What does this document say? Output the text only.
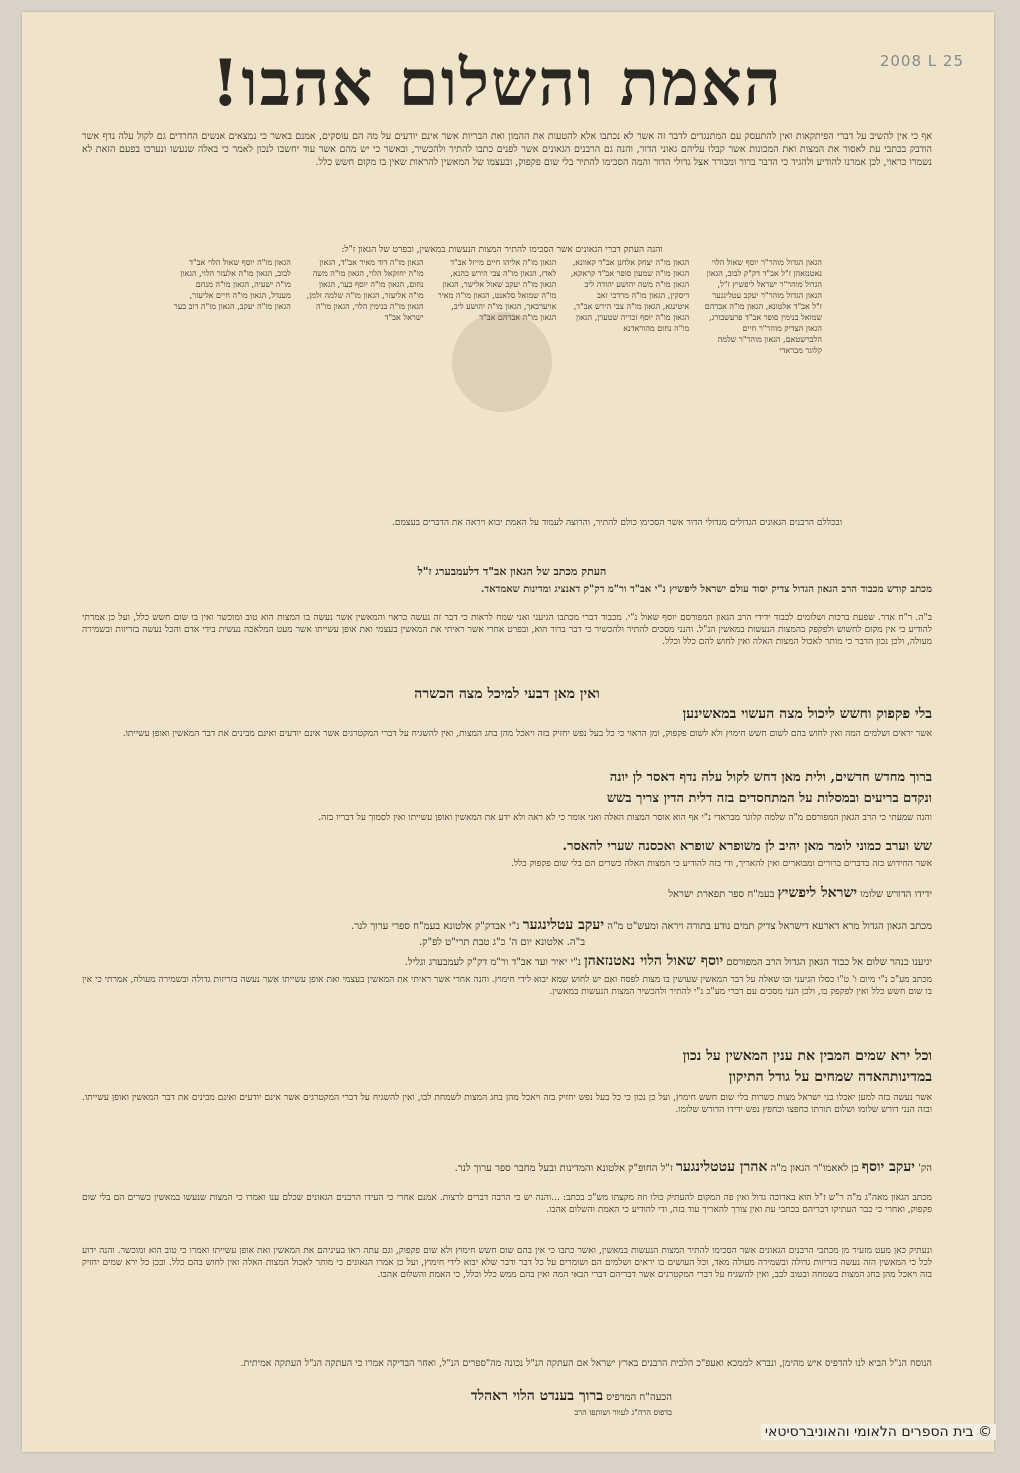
2008 L 25
האמת והשלום אהבו!
אף כי אין להשיב על דברי הפיתקאות ואין להתעסק עם המתנגדים לדבר זה אשר לא נכתבו אלא להטעות את ההמון ואת הבריות אשר אינם יודעים על מה הם עוסקים, אמנם באשר כי נמצאים אנשים החרדים גם לקול עלה נדף אשר הודבק בכתבי עת לאסור את המצות ואת המכונות אשר קבלו עליהם גאוני הדור, והנה גם הרבנים הגאונים אשר לפנים כתבו להתיר ולהכשיר, ובאשר כי יש מהם אשר עוד יחשבו לנכון לאמר כי באלה שנעשו ונערכו בפעם הזאת לא נשמרו כראוי, לכן אמרנו להודיע ולהגיד כי הדבר ברור ומבורר אצל גדולי הדור והמה הסכימו להתיר בלי שום פקפוק, ובעצמו של המאשין להראות שאין בו מקום חשש כלל.
והנה העתק דברי הגאונים אשר הסכימו להתיר המצות הנעשות במאשין, ובפרט של הגאון ז"ל:
הגאון הגדול מוהר"ר יוסף שאול הלוי נאטנזאהן ז"ל אב"ד דק"ק לבוב, הגאון הגדול מוהר"ר ישראל ליפשיץ ז"ל, הגאון הגדול מוהר"ר יעקב עטלינגער ז"ל אב"ד אלטונא, הגאון מו"ה אברהם שמואל בנימין סופר אב"ד פרעשבורג, הגאון הצדיק מוהר"ר חיים הלברשטאם, הגאון מוהר"ר שלמה קלוגר מבראדי
הגאון מו"ה יצחק אלחנן אב"ד קאוונא, הגאון מו"ה שמעון סופר אב"ד קראקא, הגאון מו"ה משה יהושע יהודה ליב דיסקין, הגאון מו"ה מרדכי זאב איטינגא, הגאון מו"ה צבי הירש אב"ד, הגאון מו"ה יוסף זכריה שטערן, הגאון מו"ה נחום מהוראדנא
הגאון מו"ה אליהו חיים מייזל אב"ד לאדז, הגאון מו"ה צבי הירש כהנא, הגאון מו"ה יעקב שאול אלישר, הגאון מו"ה שמואל סלאנט, הגאון מו"ה מאיר אויערבאך, הגאון מו"ה יהושע ליב, הגאון מו"ה אברהם אב"ד
הגאון מו"ה דוד מאיר אב"ד, הגאון מו"ה יחזקאל הלוי, הגאון מו"ה משה נחום, הגאון מו"ה יוסף בער, הגאון מו"ה אליעזר, הגאון מו"ה שלמה זלמן, הגאון מו"ה בנימין הלוי, הגאון מו"ה ישראל אב"ד
הגאון מו"ה יוסף שאול הלוי אב"ד לבוב, הגאון מו"ה אלעזר הלוי, הגאון מו"ה ישעיה, הגאון מו"ה מנחם מענדל, הגאון מו"ה חיים אליעזר, הגאון מו"ה יעקב, הגאון מו"ה דוב בער
ובכללם הרבנים הגאונים הגדולים מגדולי הדור אשר הסכימו כולם להתיר, והרוצה לעמוד על האמת יבוא ויראה את הדברים בעצמם.
העתק מכתב של הגאון אב"ד דלעמבערג ז"ל
מכתב קודש מכבוד הרב הגאון הגדול צדיק יסוד עולם ישראל ליפשיץ נ"י אב"ד ור"מ דק"ק דאנציג ומדינות שאמדאד.
ב"ה. ר"ח אדר. שפעת ברכות ושלומים לכבוד ידידי הרב הגאון המפורסם יוסף שאול נ"י. מכבוד דברי מכתבו הגיעני ואני שמח לראות כי דבר זה נעשה כראוי והמאשין אשר נעשה בו המצות הוא טוב ומוכשר ואין בו שום חשש כלל, ועל כן אמרתי להודיע כי אין מקום לחשוש ולפקפק בהמצות הנעשות במאשין הנ"ל. והנני מסכים להתיר ולהכשיר כי דבר ברור הוא, ובפרט אחרי אשר ראיתי את המאשין בעצמי ואת אופן עשייתו אשר מעט המלאכה נעשית בידי אדם והכל נעשה בזריזות ובשמירה מעולה, ולכן נכון הדבר כי מותר לאכול המצות האלה ואין לחוש להם כלל וכלל.
ואין מאן דבעי למיכל מצה הכשרה
בלי פקפוק וחשש ליכול מצה העשוי במאשינען
אשר יראים ושלמים המה ואין לחוש בהם לשום חשש חימוץ ולא לשום פקפוק, ומן הראוי כי כל בעל נפש יחזיק בזה ויאכל מהן בחג המצות, ואין להשגיח על דברי המקטרגים אשר אינם יודעים ואינם מבינים את דבר המאשין ואופן עשייתו.
ברוך מחדש חדשים, ולית מאן דחש לקול עלה נדף דאסר לן יונה
ונקדם בריעים ובמסלות על המתחסדים בזה דלית הדין צריך בשש
והנה שמעתי כי הרב הגאון המפורסם מ"ה שלמה קלוגר מבראדי נ"י אף הוא אוסר המצות האלה ואני אומר כי לא ראה ולא ידע את המאשין ואופן עשייתו ואין לסמוך על דבריו בזה.
שש וערב כמוני לומר מאן יהיב לן משופרא שופרא ואכסנה שערי להאסר.
אשר החידוש בזה בדברים ברורים ומבוארים ואין להאריך, ודי בזה להודיע כי המצות האלה כשרים הם בלי שום פקפוק כלל.
ידידו הדורש שלומו ישראל ליפשיץ בעמ"ח ספר תפארת ישראל
מכתב הגאון הגדול מרא דארעא דישראל צדיק תמים נודע בתורה ויראה ומעש"ט מ"ה יעקב עטלינגער נ"י אבדק"ק אלטונא בעמ"ח ספרי ערוך לנר.
ב"ה. אלטונא יום ה' כ"ג טבת תרי"ט לפ"ק.
יגיענו כנהר שלום אל כבוד הגאון הגדול הרב המפורסם יוסף שאול הלוי נאטנזאהן נ"י יאיר ועד אב"ד ור"מ דק"ק לעמבערג וגליל.
מכתב מע"כ נ"י מיום ו' ט"ו כסלו הגיעני ובו שאלה על דבר המאשין שעושין בו מצות לפסח ואם יש לחוש שמא יבוא לידי חימוץ. והנה אחרי אשר ראיתי את המאשין בעצמי ואת אופן עשייתו אשר נעשה בזריזות גדולה ובשמירה מעולה, אמרתי כי אין בו שום חשש כלל ואין לפקפק בו, ולכן הנני מסכים עם דברי מע"כ נ"י להתיר ולהכשיר המצות הנעשות במאשין.
וכל ירא שמים המבין את ענין המאשין על נכון
במדינותהאדה שמחים על גודל התיקון
אשר נעשה בזה למען יאכלו בני ישראל מצות כשרות בלי שום חשש חימוץ, ועל כן נכון כי כל בעל נפש יחזיק בזה ויאכל מהן בחג המצות לשמחת לבו, ואין להשגיח על דברי המקטרגים אשר אינם יודעים ואינם מבינים את דבר המאשין ואופן עשייתו. ובזה הנני דורש שלומו ושלום תורתו כחפצו וכחפץ נפש ידידו הדורש שלומו.
הק' יעקב יוסף בן לאאמו"ר הגאון מ"ה אהרן עטטלינגער ז"ל החופ"ק אלטונא והמדינות ובעל מחבר ספר ערוך לנר.
מכתב הגאון מאה"ג מ"ה ר"ש ז"ל הוא בארוכה גדול ואין פה המקום להעתיק כולו וזה מקצתו מש"כ בכתב: ...והנה יש כי הרבה דברים לרצות. אמנם אחרי כי העידו הרבנים הגאונים שכלם ענו ואמרו כי המצות שנעשו במאשין כשרים הם בלי שום פקפוק, ואחרי כי כבר העתיקו דבריהם בכתבי עת ואין צורך להאריך עוד בזה, ודי להודיע כי האמת והשלום אהבו.
ונעתיק כאן מעט מזעיר מן מכתבי הרבנים הגאונים אשר הסכימו להתיר המצות הנעשות במאשין, ואשר כתבו כי אין בהם שום חשש חימוץ ולא שום פקפוק, וגם עתה ראו בעיניהם את המאשין ואת אופן עשייתו ואמרו כי טוב הוא ומוכשר. והנה ידוע לכל כי המאשין הזה נעשה בזריזות גדולה ובשמירה מעולה מאד, וכל העושים בו יראים ושלמים הם ושומרים על כל דבר ודבר שלא יבוא לידי חימוץ, ועל כן אמרו הגאונים כי מותר לאכול המצות האלה ואין לחוש בהם כלל. ובכן כל ירא שמים יחזיק בזה ויאכל מהן בחג המצות בשמחה ובטוב לבב, ואין להשגיח על דברי המקטרגים אשר דבריהם דברי הבאי המה ואין בהם ממש כלל וכלל, כי האמת והשלום אהבו.
הנוסח הנ"ל הביא לנו להדפיס איש מהימן, ונברא לממכא ואעפ"כ הלבית הרבנים בארץ ישראל אם העתקה הנ"ל נכונה מה"ספרים הנ"ל, ואחר הבדיקה אמרו כי העתקה הנ"ל העתקה אמיתית.
הכעה"ח המדפיס ברוך בענדט הלוי ראהלד
בדפוס הרה"ג לעוור ושותפו הרב
© בית הספרים הלאומי והאוניברסיטאי
